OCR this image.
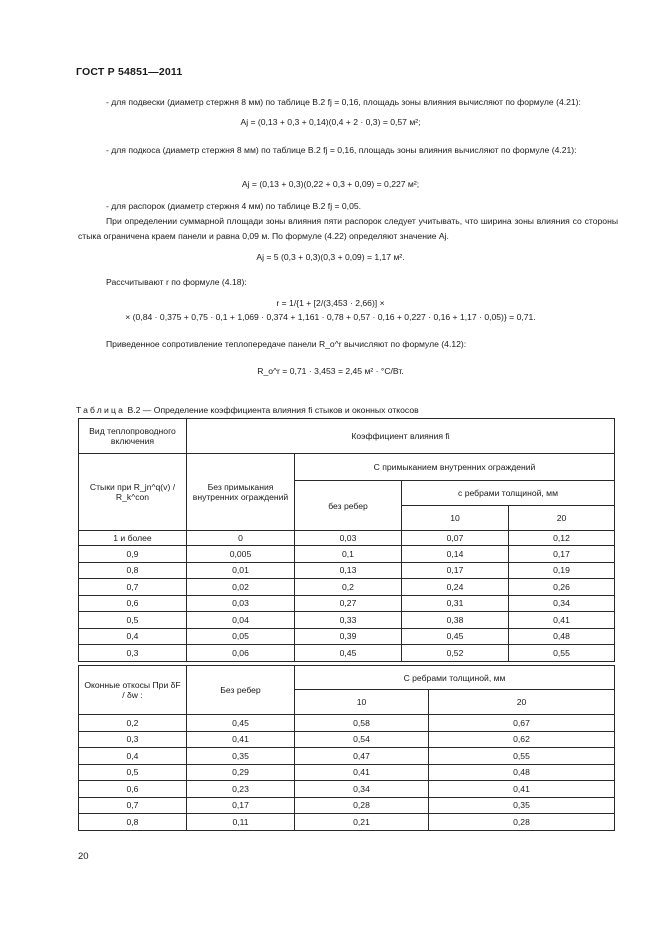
ГОСТ Р 54851—2011
- для подвески (диаметр стержня 8 мм) по таблице В.2 fj = 0,16, площадь зоны влияния вычисляют по формуле (4.21):
Aj = (0,13 + 0,3 + 0,14)(0,4 + 2 · 0,3) = 0,57 м²;
- для подкоса (диаметр стержня 8 мм) по таблице В.2 fj = 0,16, площадь зоны влияния вычисляют по формуле (4.21):
Aj = (0,13 + 0,3)(0,22 + 0,3 + 0,09) = 0,227 м²;
- для распорок (диаметр стержня 4 мм) по таблице В.2 fj = 0,05.
При определении суммарной площади зоны влияния пяти распорок следует учитывать, что ширина зоны влияния со стороны стыка ограничена краем панели и равна 0,09 м. По формуле (4.22) определяют значение Aj.
Aj = 5 (0,3 + 0,3)(0,3 + 0,09) = 1,17 м².
Рассчитывают r по формуле (4.18):
r = 1/{1 + [2/(3,453 · 2,66)] ×
× (0,84 · 0,375 + 0,75 · 0,1 + 1,069 · 0,374 + 1,161 · 0,78 + 0,57 · 0,16 + 0,227 · 0,16 + 1,17 · 0,05)} = 0,71.
Приведенное сопротивление теплопередаче панели R_o^r вычисляют по формуле (4.12):
R_o^r = 0,71 · 3,453 = 2,45 м² · °С/Вт.
Таблица В.2 — Определение коэффициента влияния fi стыков и оконных откосов
Вид теплопроводного включения	Коэффициент влияния fi			
Стыки при R_jn^q(v) / R_k^con	Без примыкания внутренних ограждений	С примыканием внутренних ограждений		
		без ребер	с ребрами толщиной, мм	
			10	20
1 и более	0	0,03	0,07	0,12
0,9	0,005	0,1	0,14	0,17
0,8	0,01	0,13	0,17	0,19
0,7	0,02	0,2	0,24	0,26
0,6	0,03	0,27	0,31	0,34
0,5	0,04	0,33	0,38	0,41
0,4	0,05	0,39	0,45	0,48
0,3	0,06	0,45	0,52	0,55
Оконные откосы При δF / δw :	Без ребер	С ребрами толщиной, мм	
		10	20
0,2	0,45	0,58	0,67
0,3	0,41	0,54	0,62
0,4	0,35	0,47	0,55
0,5	0,29	0,41	0,48
0,6	0,23	0,34	0,41
0,7	0,17	0,28	0,35
0,8	0,11	0,21	0,28
20
